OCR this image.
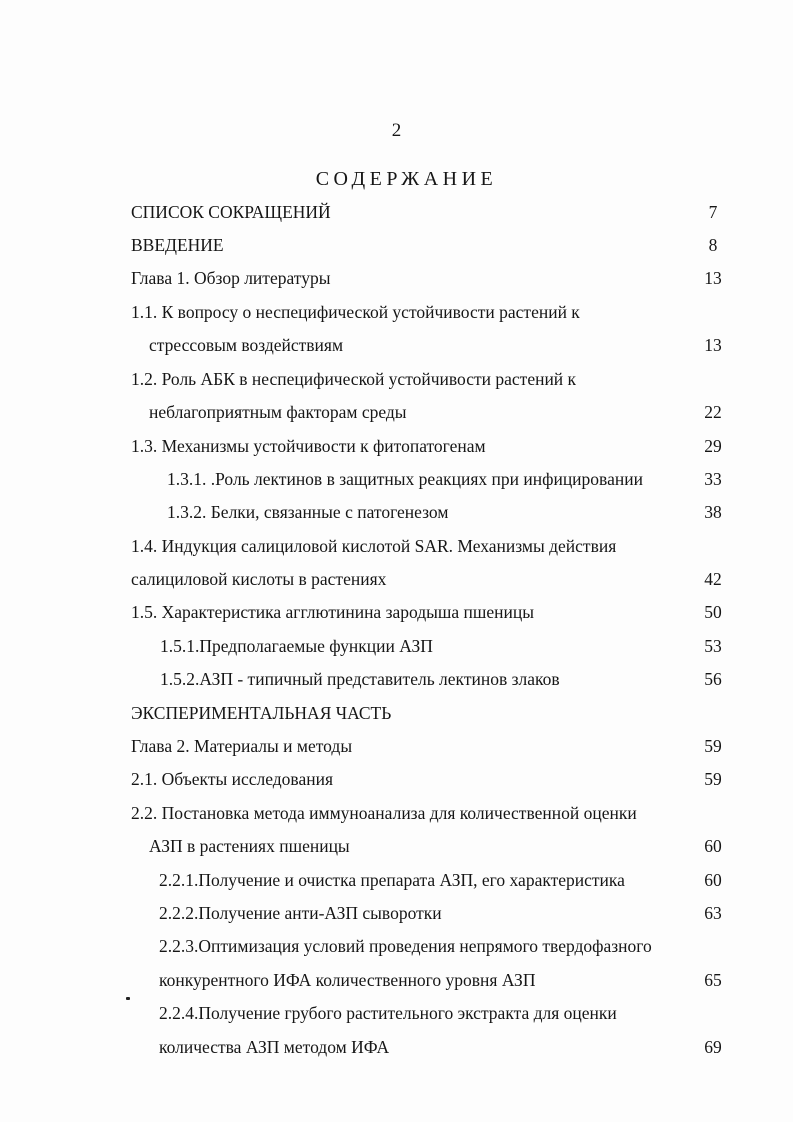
2
СОДЕРЖАНИЕ
СПИСОК СОКРАЩЕНИЙ	7
ВВЕДЕНИЕ	8
Глава 1. Обзор литературы	13
1.1. К вопросу о неспецифической устойчивости растений к
стрессовым воздействиям	13
1.2. Роль АБК в неспецифической устойчивости растений к
неблагоприятным факторам среды	22
1.3. Механизмы устойчивости к фитопатогенам	29
1.3.1. .Роль лектинов в защитных реакциях при инфицировании	33
1.3.2. Белки, связанные с патогенезом	38
1.4. Индукция салициловой кислотой SAR. Механизмы действия
салициловой кислоты в растениях	42
1.5. Характеристика агглютинина зародыша пшеницы	50
1.5.1.Предполагаемые функции АЗП	53
1.5.2.АЗП - типичный представитель лектинов злаков	56
ЭКСПЕРИМЕНТАЛЬНАЯ ЧАСТЬ
Глава 2. Материалы и методы	59
2.1. Объекты исследования	59
2.2. Постановка метода иммуноанализа для количественной оценки
АЗП в растениях пшеницы	60
2.2.1.Получение и очистка препарата АЗП, его характеристика	60
2.2.2.Получение анти-АЗП сыворотки	63
2.2.3.Оптимизация условий проведения непрямого твердофазного
конкурентного ИФА количественного уровня АЗП	65
2.2.4.Получение грубого растительного экстракта для оценки
количества АЗП методом ИФА	69
